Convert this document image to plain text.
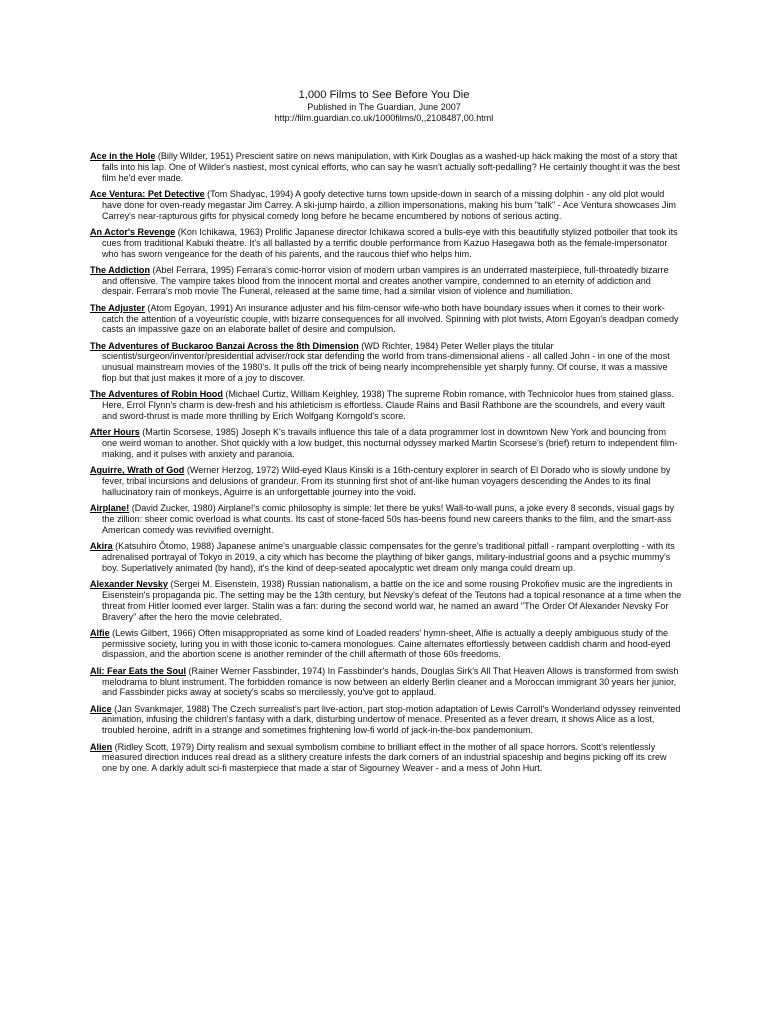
1,000 Films to See Before You Die
Published in The Guardian, June 2007
http://film.guardian.co.uk/1000films/0,,2108487,00.html

Ace in the Hole (Billy Wilder, 1951) Prescient satire on news manipulation, with Kirk Douglas as a washed-up hack making the most of a story that falls into his lap. One of Wilder's nastiest, most cynical efforts, who can say he wasn't actually soft-pedalling? He certainly thought it was the best film he'd ever made.

Ace Ventura: Pet Detective (Tom Shadyac, 1994) A goofy detective turns town upside-down in search of a missing dolphin - any old plot would have done for oven-ready megastar Jim Carrey. A ski-jump hairdo, a zillion impersonations, making his bum "talk" - Ace Ventura showcases Jim Carrey's near-rapturous gifts for physical comedy long before he became encumbered by notions of serious acting.

An Actor's Revenge (Kon Ichikawa, 1963) Prolific Japanese director Ichikawa scored a bulls-eye with this beautifully stylized potboiler that took its cues from traditional Kabuki theatre. It's all ballasted by a terrific double performance from Kazuo Hasegawa both as the female-impersonator who has sworn vengeance for the death of his parents, and the raucous thief who helps him.

The Addiction (Abel Ferrara, 1995) Ferrara's comic-horror vision of modern urban vampires is an underrated masterpiece, full-throatedly bizarre and offensive. The vampire takes blood from the innocent mortal and creates another vampire, condemned to an eternity of addiction and despair. Ferrara's mob movie The Funeral, released at the same time, had a similar vision of violence and humiliation.

The Adjuster (Atom Egoyan, 1991) An insurance adjuster and his film-censor wife-who both have boundary issues when it comes to their work-catch the attention of a voyeuristic couple, with bizarre consequences for all involved. Spinning with plot twists, Atom Egoyan's deadpan comedy casts an impassive gaze on an elaborate ballet of desire and compulsion.

The Adventures of Buckaroo Banzai Across the 8th Dimension (WD Richter, 1984) Peter Weller plays the titular scientist/surgeon/inventor/presidential adviser/rock star defending the world from trans-dimensional aliens - all called John - in one of the most unusual mainstream movies of the 1980's. It pulls off the trick of being nearly incomprehensible yet sharply funny. Of course, it was a massive flop but that just makes it more of a joy to discover.

The Adventures of Robin Hood (Michael Curtiz, William Keighley, 1938) The supreme Robin romance, with Technicolor hues from stained glass. Here, Errol Flynn's charm is dew-fresh and his athleticism is effortless. Claude Rains and Basil Rathbone are the scoundrels, and every vault and sword-thrust is made more thrilling by Erich Wolfgang Korngold's score.

After Hours (Martin Scorsese, 1985) Joseph K's travails influence this tale of a data programmer lost in downtown New York and bouncing from one weird woman to another. Shot quickly with a low budget, this nocturnal odyssey marked Martin Scorsese's (brief) return to independent film-making, and it pulses with anxiety and paranoia.

Aguirre, Wrath of God (Werner Herzog, 1972) Wild-eyed Klaus Kinski is a 16th-century explorer in search of El Dorado who is slowly undone by fever, tribal incursions and delusions of grandeur. From its stunning first shot of ant-like human voyagers descending the Andes to its final hallucinatory rain of monkeys, Aguirre is an unforgettable journey into the void.

Airplane! (David Zucker, 1980) Airplane!'s comic philosophy is simple: let there be yuks! Wall-to-wall puns, a joke every 8 seconds, visual gags by the zillion: sheer comic overload is what counts. Its cast of stone-faced 50s has-beens found new careers thanks to the film, and the smart-ass American comedy was revivified overnight.

Akira (Katsuhiro Ôtomo, 1988) Japanese anime's unarguable classic compensates for the genre's traditional pitfall - rampant overplotting - with its adrenalised portrayal of Tokyo in 2019, a city which has become the plaything of biker gangs, military-industrial goons and a psychic mummy's boy. Superlatively animated (by hand), it's the kind of deep-seated apocalyptic wet dream only manga could dream up.

Alexander Nevsky (Sergei M. Eisenstein, 1938) Russian nationalism, a battle on the ice and some rousing Prokofiev music are the ingredients in Eisenstein's propaganda pic. The setting may be the 13th century, but Nevsky's defeat of the Teutons had a topical resonance at a time when the threat from Hitler loomed ever larger. Stalin was a fan: during the second world war, he named an award "The Order Of Alexander Nevsky For Bravery" after the hero the movie celebrated.

Alfie (Lewis Gilbert, 1966) Often misappropriated as some kind of Loaded readers' hymn-sheet, Alfie is actually a deeply ambiguous study of the permissive society, luring you in with those iconic to-camera monologues. Caine alternates effortlessly between caddish charm and hood-eyed dispassion, and the abortion scene is another reminder of the chill aftermath of those 60s freedoms.

Ali: Fear Eats the Soul (Rainer Werner Fassbinder, 1974) In Fassbinder's hands, Douglas Sirk's All That Heaven Allows is transformed from swish melodrama to blunt instrument. The forbidden romance is now between an elderly Berlin cleaner and a Moroccan immigrant 30 years her junior, and Fassbinder picks away at society's scabs so mercilessly, you've got to applaud.

Alice (Jan Svankmajer, 1988) The Czech surrealist's part live-action, part stop-motion adaptation of Lewis Carroll's Wonderland odyssey reinvented animation, infusing the children's fantasy with a dark, disturbing undertow of menace. Presented as a fever dream, it shows Alice as a lost, troubled heroine, adrift in a strange and sometimes frightening low-fi world of jack-in-the-box pandemonium.

Alien (Ridley Scott, 1979) Dirty realism and sexual symbolism combine to brilliant effect in the mother of all space horrors. Scott's relentlessly measured direction induces real dread as a slithery creature infests the dark corners of an industrial spaceship and begins picking off its crew one by one. A darkly adult sci-fi masterpiece that made a star of Sigourney Weaver - and a mess of John Hurt.
